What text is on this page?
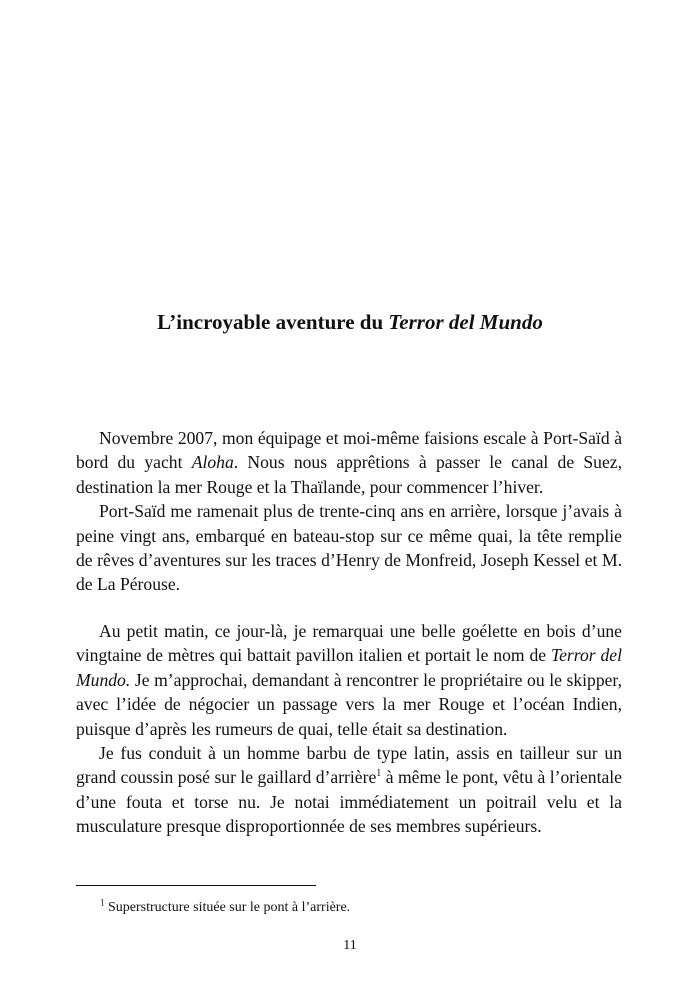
L’incroyable aventure du Terror del Mundo

Novembre 2007, mon équipage et moi-même faisions escale à Port-Saïd à bord du yacht Aloha. Nous nous apprêtions à passer le canal de Suez, destination la mer Rouge et la Thaïlande, pour commencer l’hiver.

Port-Saïd me ramenait plus de trente-cinq ans en arrière, lorsque j’avais à peine vingt ans, embarqué en bateau-stop sur ce même quai, la tête remplie de rêves d’aventures sur les traces d’Henry de Monfreid, Joseph Kessel et M. de La Pérouse.

Au petit matin, ce jour-là, je remarquai une belle goélette en bois d’une vingtaine de mètres qui battait pavillon italien et portait le nom de Terror del Mundo. Je m’approchai, demandant à rencontrer le propriétaire ou le skipper, avec l’idée de négocier un passage vers la mer Rouge et l’océan Indien, puisque d’après les rumeurs de quai, telle était sa destination.

Je fus conduit à un homme barbu de type latin, assis en tailleur sur un grand coussin posé sur le gaillard d’arrière$^1$ à même le pont, vêtu à l’orientale d’une fouta et torse nu. Je notai immédiatement un poitrail velu et la musculature presque disproportionnée de ses membres supérieurs.

$^1$ Superstructure située sur le pont à l’arrière.
11
